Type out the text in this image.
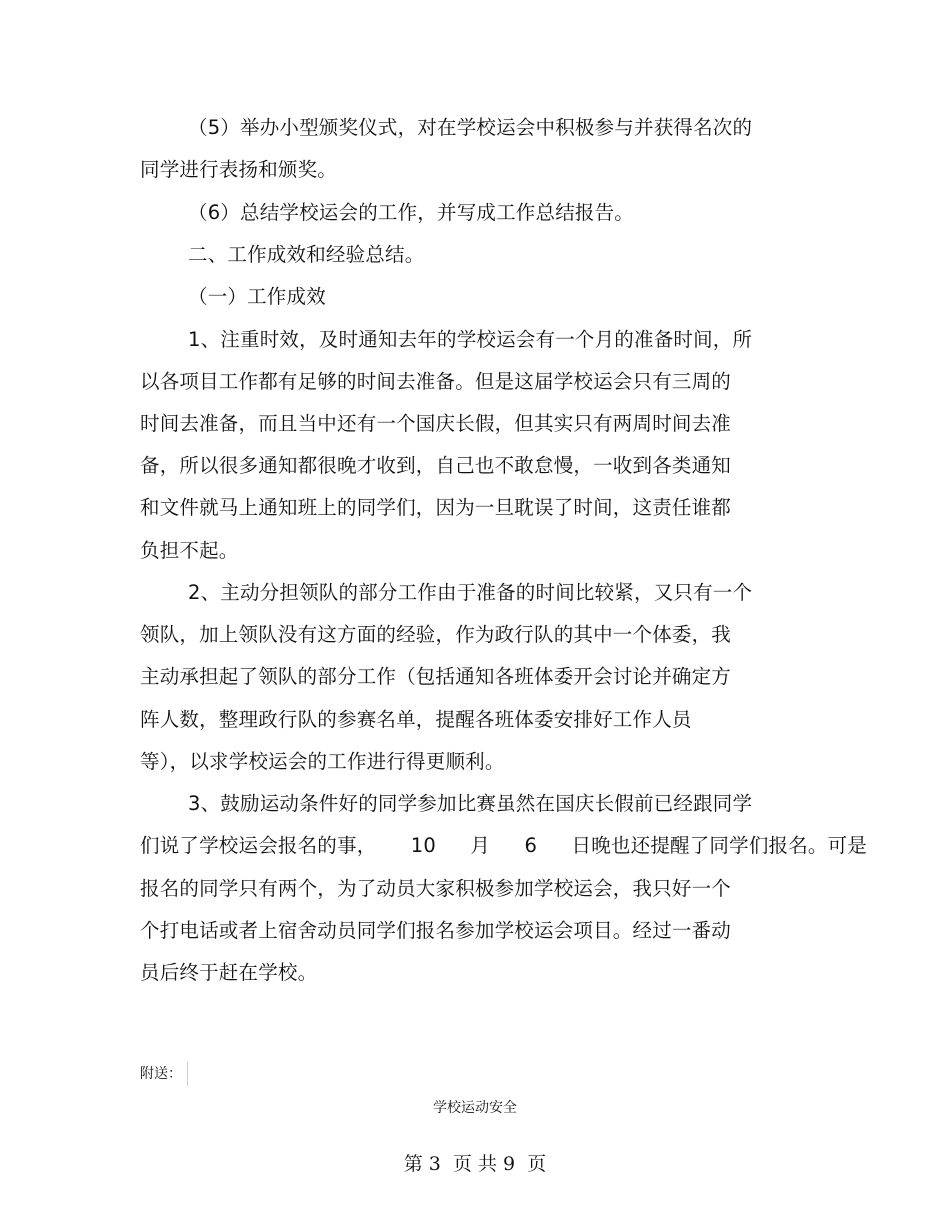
（5）举办小型颁奖仪式，对在学校运会中积极参与并获得名次的
同学进行表扬和颁奖。
（6）总结学校运会的工作，并写成工作总结报告。
二、工作成效和经验总结。
（一）工作成效
1、注重时效，及时通知去年的学校运会有一个月的准备时间，所
以各项目工作都有足够的时间去准备。但是这届学校运会只有三周的
时间去准备，而且当中还有一个国庆长假，但其实只有两周时间去准
备，所以很多通知都很晚才收到，自己也不敢怠慢，一收到各类通知
和文件就马上通知班上的同学们，因为一旦耽误了时间，这责任谁都
负担不起。
2、主动分担领队的部分工作由于准备的时间比较紧，又只有一个
领队，加上领队没有这方面的经验，作为政行队的其中一个体委，我
主动承担起了领队的部分工作（包括通知各班体委开会讨论并确定方
阵人数，整理政行队的参赛名单，提醒各班体委安排好工作人员
等），以求学校运会的工作进行得更顺利。
3、鼓励运动条件好的同学参加比赛虽然在国庆长假前已经跟同学
们说了学校运会报名的事， 10 月 6 日晚也还提醒了同学们报名。可是
报名的同学只有两个，为了动员大家积极参加学校运会，我只好一个
个打电话或者上宿舍动员同学们报名参加学校运会项目。经过一番动
员后终于赶在学校。
附送：
学校运动安全
第 3  页 共 9  页
